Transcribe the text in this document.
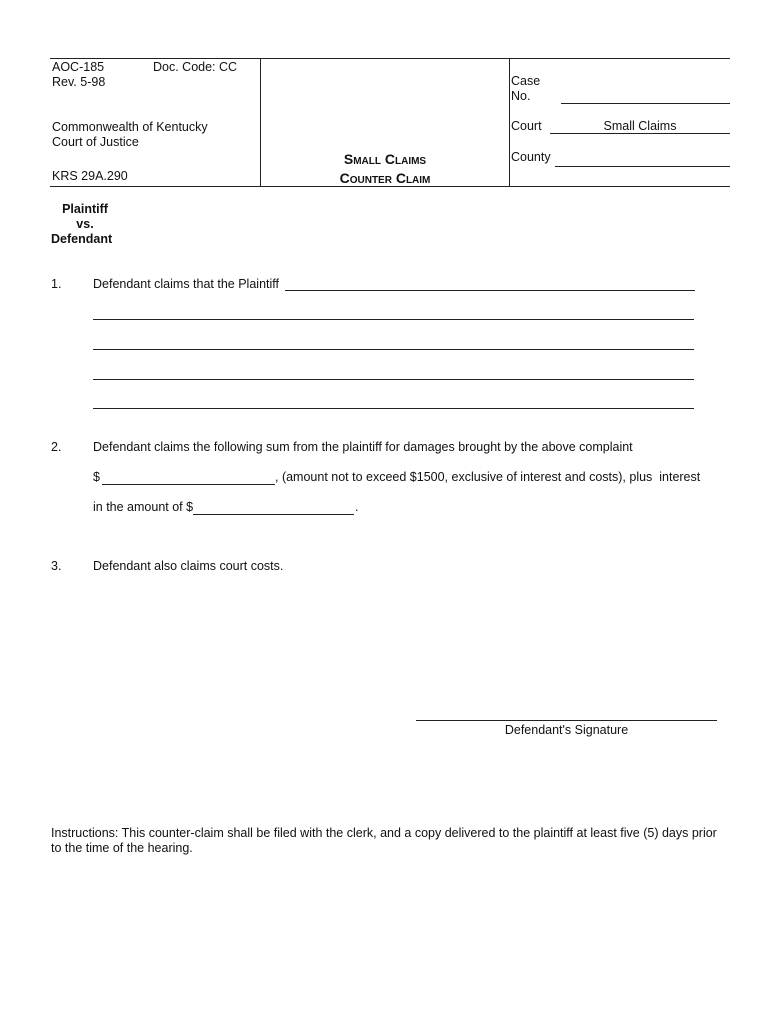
AOC-185	Doc. Code: CC
Rev. 5-98
Commonwealth of Kentucky
Court of Justice
KRS 29A.290
Small Claims
Counter Claim
Case
No.
Court	Small Claims
County
Plaintiff
vs.
Defendant
1.	Defendant claims that the Plaintiff
2.	Defendant claims the following sum from the plaintiff for damages brought by the above complaint
$	, (amount not to exceed $1500, exclusive of interest and costs), plus  interest
in the amount of $	.
3.	Defendant also claims court costs.
Defendant's Signature
Instructions: This counter-claim shall be filed with the clerk, and a copy delivered to the plaintiff at least five (5) days prior to the time of the hearing.
